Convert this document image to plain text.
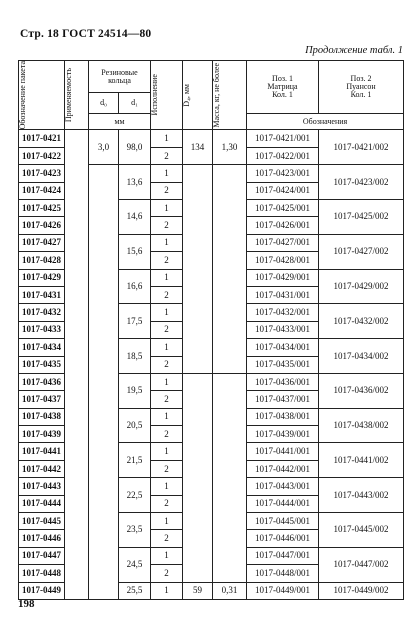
Стр. 18 ГОСТ 24514—80
Продолжение табл. 1
Обозначение пакета	Применяемость	Резиновые кольца		Исполнение	D₄, мм	Масса, кг, не более	Поз. 1
Матрица
Кол. 1	Поз. 2
Пуансон
Кол. 1
		d₀	d₁					
		мм					Обозначения	
1017-0421		3,0	98,0	1	134	1,30	1017-0421/001	1017-0421/002
1017-0422				2			1017-0422/001	
1017-0423			13,6	1			1017-0423/001	1017-0423/002
1017-0424				2			1017-0424/001	
1017-0425			14,6	1			1017-0425/001	1017-0425/002
1017-0426				2			1017-0426/001	
1017-0427			15,6	1			1017-0427/001	1017-0427/002
1017-0428				2			1017-0428/001	
1017-0429			16,6	1			1017-0429/001	1017-0429/002
1017-0431				2			1017-0431/001	
1017-0432			17,5	1			1017-0432/001	1017-0432/002
1017-0433				2			1017-0433/001	
1017-0434			18,5	1			1017-0434/001	1017-0434/002
1017-0435				2			1017-0435/001	
1017-0436			19,5	1			1017-0436/001	1017-0436/002
1017-0437				2			1017-0437/001	
1017-0438			20,5	1			1017-0438/001	1017-0438/002
1017-0439				2			1017-0439/001	
1017-0441			21,5	1			1017-0441/001	1017-0441/002
1017-0442				2			1017-0442/001	
1017-0443			22,5	1			1017-0443/001	1017-0443/002
1017-0444				2			1017-0444/001	
1017-0445			23,5	1			1017-0445/001	1017-0445/002
1017-0446				2			1017-0446/001	
1017-0447			24,5	1			1017-0447/001	1017-0447/002
1017-0448				2			1017-0448/001	
1017-0449			25,5	1	59	0,31	1017-0449/001	1017-0449/002
198
